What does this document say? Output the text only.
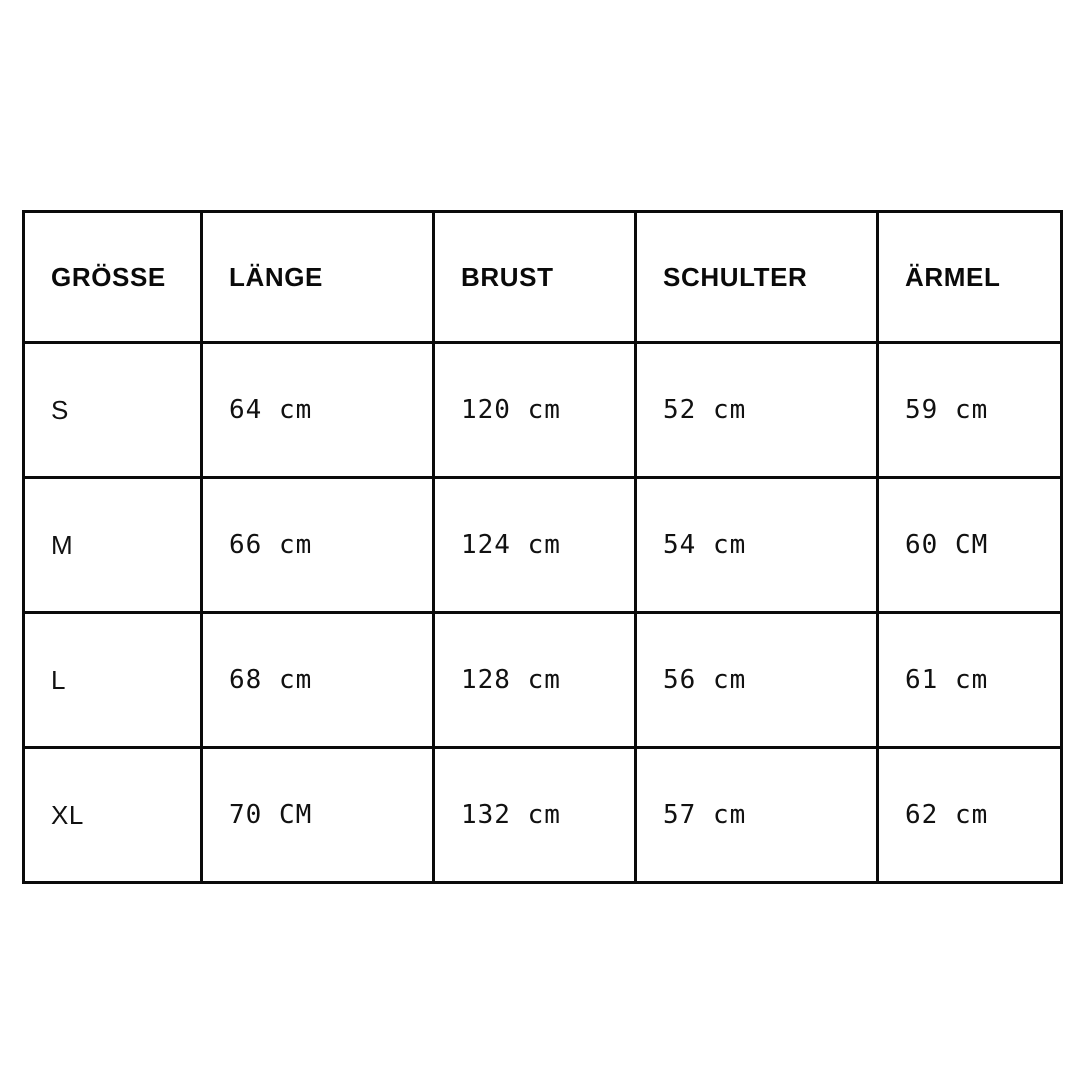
GRÖSSE	LÄNGE	BRUST	SCHULTER	ÄRMEL
S	64 cm	120 cm	52 cm	59 cm
M	66 cm	124 cm	54 cm	60 CM
L	68 cm	128 cm	56 cm	61 cm
XL	70 CM	132 cm	57 cm	62 cm
